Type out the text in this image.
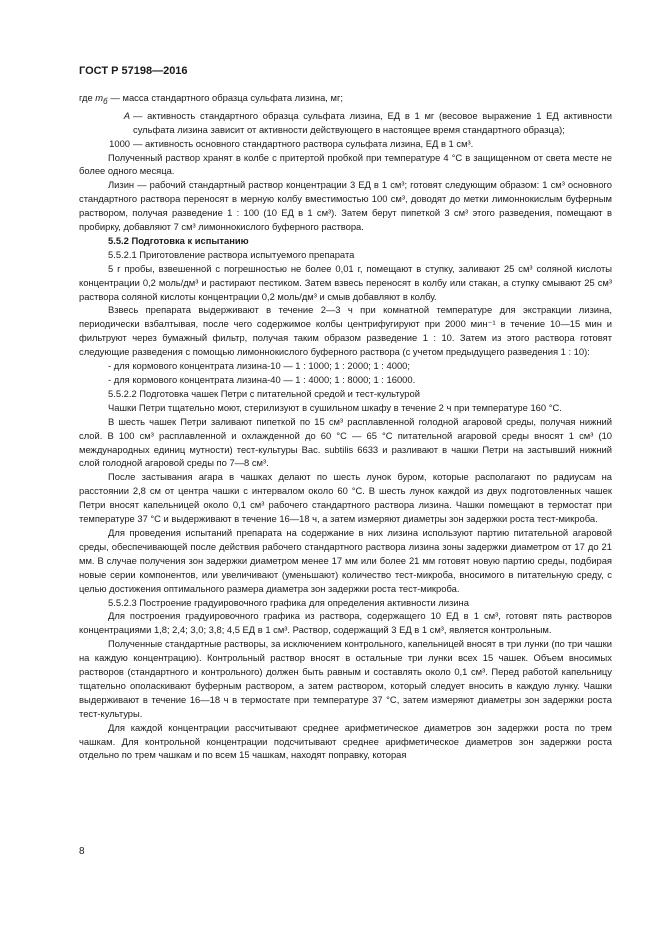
ГОСТ Р 57198—2016
где $m_б$ — масса стандартного образца сульфата лизина, мг;
A — активность стандартного образца сульфата лизина, ЕД в 1 мг (весовое выражение 1 ЕД активности сульфата лизина зависит от активности действующего в настоящее время стандартного образца);
1000 — активность основного стандартного раствора сульфата лизина, ЕД в 1 см³.

Полученный раствор хранят в колбе с притертой пробкой при температуре 4 °С в защищенном от света месте не более одного месяца.

Лизин — рабочий стандартный раствор концентрации 3 ЕД в 1 см³; готовят следующим образом: 1 см³ основного стандартного раствора переносят в мерную колбу вместимостью 100 см³, доводят до метки лимоннокислым буферным раствором, получая разведение 1 : 100 (10 ЕД в 1 см³). Затем берут пипеткой 3 см³ этого разведения, помещают в пробирку, добавляют 7 см³ лимоннокислого буферного раствора.

5.5.2 Подготовка к испытанию

5.5.2.1 Приготовление раствора испытуемого препарата

5 г пробы, взвешенной с погрешностью не более 0,01 г, помещают в ступку, заливают 25 см³ соляной кислоты концентрации 0,2 моль/дм³ и растирают пестиком. Затем взвесь переносят в колбу или стакан, а ступку смывают 25 см³ раствора соляной кислоты концентрации 0,2 моль/дм³ и смыв добавляют в колбу.

Взвесь препарата выдерживают в течение 2—3 ч при комнатной температуре для экстракции лизина, периодически взбалтывая, после чего содержимое колбы центрифугируют при 2000 мин⁻¹ в течение 10—15 мин и фильтруют через бумажный фильтр, получая таким образом разведение 1 : 10. Затем из этого раствора готовят следующие разведения с помощью лимоннокислого буферного раствора (с учетом предыдущего разведения 1 : 10):

- для кормового концентрата лизина-10 — 1 : 1000; 1 : 2000; 1 : 4000;

- для кормового концентрата лизина-40 — 1 : 4000; 1 : 8000; 1 : 16000.

5.5.2.2 Подготовка чашек Петри с питательной средой и тест-культурой

Чашки Петри тщательно моют, стерилизуют в сушильном шкафу в течение 2 ч при температуре 160 °С.

В шесть чашек Петри заливают пипеткой по 15 см³ расплавленной голодной агаровой среды, получая нижний слой. В 100 см³ расплавленной и охлажденной до 60 °С — 65 °С питательной агаровой среды вносят 1 см³ (10 международных единиц мутности) тест-культуры Bac. subtilis 6633 и разливают в чашки Петри на застывший нижний слой голодной агаровой среды по 7—8 см³.

После застывания агара в чашках делают по шесть лунок буром, которые располагают по радиусам на расстоянии 2,8 см от центра чашки с интервалом около 60 °С. В шесть лунок каждой из двух подготовленных чашек Петри вносят капельницей около 0,1 см³ рабочего стандартного раствора лизина. Чашки помещают в термостат при температуре 37 °С и выдерживают в течение 16—18 ч, а затем измеряют диаметры зон задержки роста тест-микроба.

Для проведения испытаний препарата на содержание в них лизина используют партию питательной агаровой среды, обеспечивающей после действия рабочего стандартного раствора лизина зоны задержки диаметром от 17 до 21 мм. В случае получения зон задержки диаметром менее 17 мм или более 21 мм готовят новую партию среды, подбирая новые серии компонентов, или увеличивают (уменьшают) количество тест-микроба, вносимого в питательную среду, с целью достижения оптимального размера диаметра зон задержки роста тест-микроба.

5.5.2.3 Построение градуировочного графика для определения активности лизина

Для построения градуировочного графика из раствора, содержащего 10 ЕД в 1 см³, готовят пять растворов концентрациями 1,8; 2,4; 3,0; 3,8; 4,5 ЕД в 1 см³. Раствор, содержащий 3 ЕД в 1 см³, является контрольным.

Полученные стандартные растворы, за исключением контрольного, капельницей вносят в три лунки (по три чашки на каждую концентрацию). Контрольный раствор вносят в остальные три лунки всех 15 чашек. Объем вносимых растворов (стандартного и контрольного) должен быть равным и составлять около 0,1 см³. Перед работой капельницу тщательно ополаскивают буферным раствором, а затем раствором, который следует вносить в каждую лунку. Чашки выдерживают в течение 16—18 ч в термостате при температуре 37 °С, затем измеряют диаметры зон задержки роста тест-культуры.

Для каждой концентрации рассчитывают среднее арифметическое диаметров зон задержки роста по трем чашкам. Для контрольной концентрации подсчитывают среднее арифметическое диаметров зон задержки роста отдельно по трем чашкам и по всем 15 чашкам, находят поправку, которая

8
